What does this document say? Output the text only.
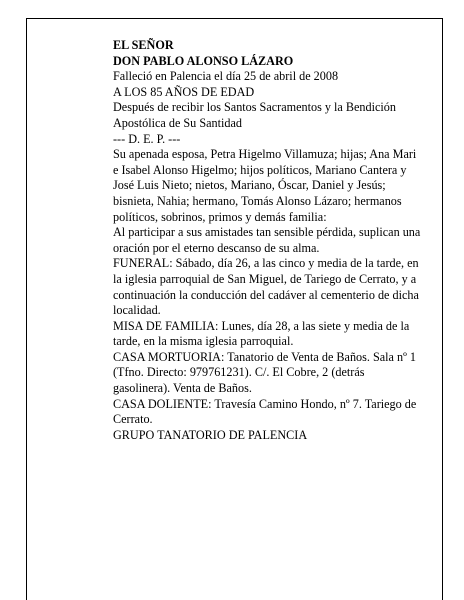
EL SEÑOR

DON PABLO ALONSO LÁZARO

Falleció en Palencia el día 25 de abril de 2008

A LOS 85 AÑOS DE EDAD

Después de recibir los Santos Sacramentos y la Bendición Apostólica de Su Santidad

--- D. E. P. ---

Su apenada esposa, Petra Higelmo Villamuza; hijas; Ana Mari e Isabel Alonso Higelmo; hijos políticos, Mariano Cantera y José Luis Nieto; nietos, Mariano, Óscar, Daniel y Jesús; bisnieta, Nahia; hermano, Tomás Alonso Lázaro; hermanos políticos, sobrinos, primos y demás familia:

Al participar a sus amistades tan sensible pérdida, suplican una oración por el eterno descanso de su alma.

FUNERAL: Sábado, día 26, a las cinco y media de la tarde, en la iglesia parroquial de San Miguel, de Tariego de Cerrato, y a continuación la conducción del cadáver al cementerio de dicha localidad.

MISA DE FAMILIA: Lunes, día 28, a las siete y media de la tarde, en la misma iglesia parroquial.

CASA MORTUORIA: Tanatorio de Venta de Baños. Sala nº 1 (Tfno. Directo: 979761231). C/. El Cobre, 2 (detrás gasolinera). Venta de Baños.

CASA DOLIENTE: Travesía Camino Hondo, nº 7. Tariego de Cerrato.

GRUPO TANATORIO DE PALENCIA
